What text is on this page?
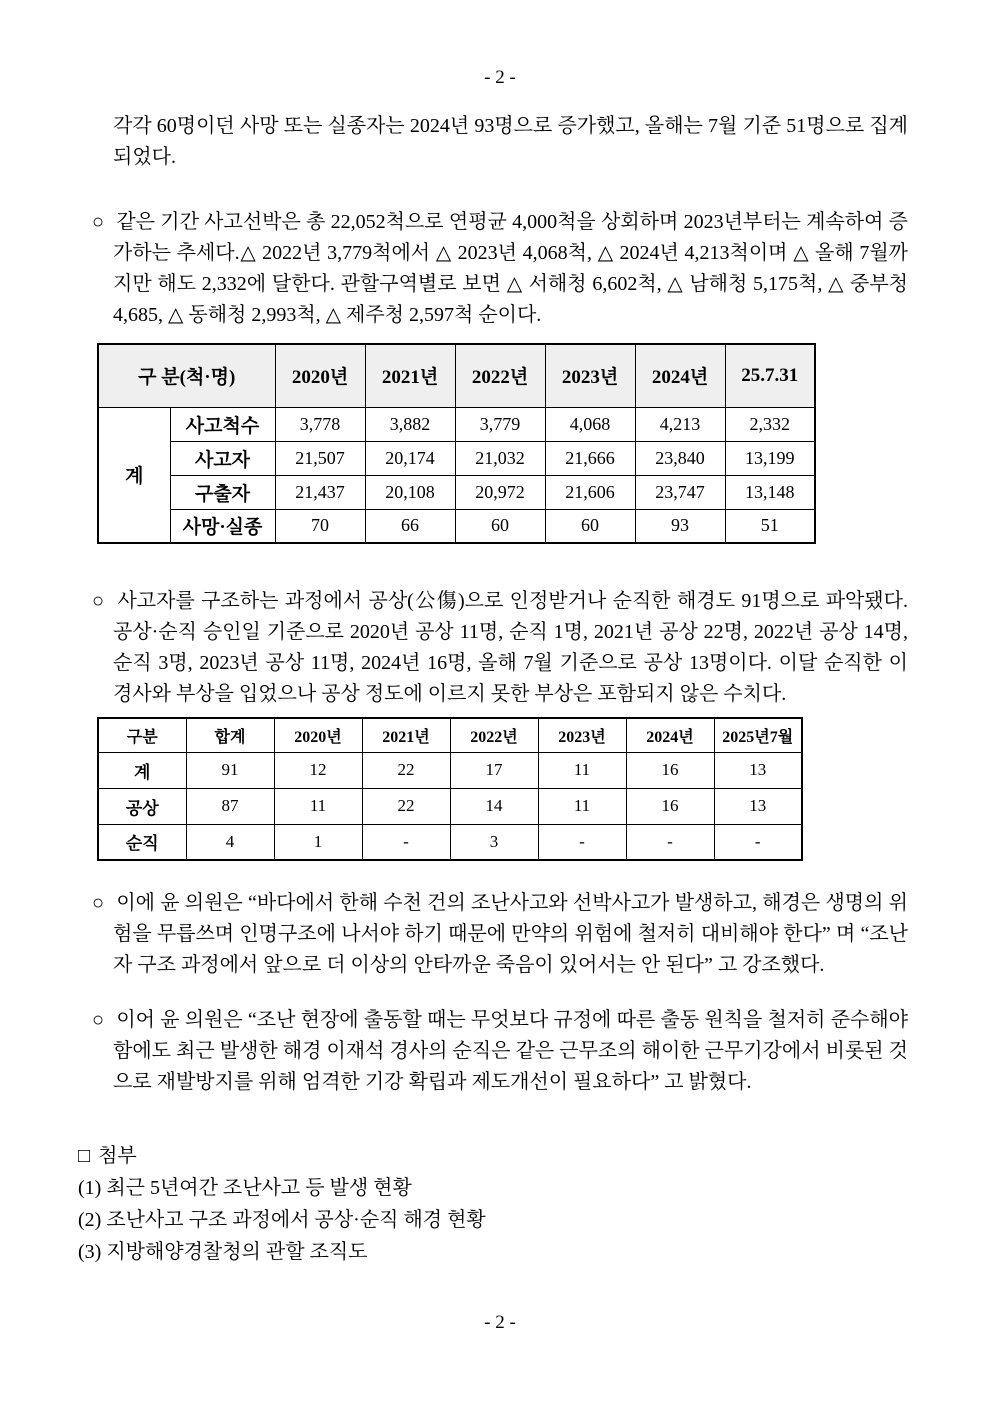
- 2 -

각각 60명이던 사망 또는 실종자는 2024년 93명으로 증가했고, 올해는 7월 기준 51명으로 집계되었다.

○ 같은 기간 사고선박은 총 22,052척으로 연평균 4,000척을 상회하며 2023년부터는 계속하여 증가하는 추세다.△ 2022년 3,779척에서 △ 2023년 4,068척, △ 2024년 4,213척이며 △ 올해 7월까지만 해도 2,332에 달한다. 관할구역별로 보면 △ 서해청 6,602척, △ 남해청 5,175척, △ 중부청 4,685, △ 동해청 2,993척, △ 제주청 2,597척 순이다.

구 분(척·명)		2020년	2021년	2022년	2023년	2024년	25.7.31
계	사고척수	3,778	3,882	3,779	4,068	4,213	2,332
	사고자	21,507	20,174	21,032	21,666	23,840	13,199
	구출자	21,437	20,108	20,972	21,606	23,747	13,148
	사망·실종	70	66	60	60	93	51

○ 사고자를 구조하는 과정에서 공상(公傷)으로 인정받거나 순직한 해경도 91명으로 파악됐다. 공상·순직 승인일 기준으로 2020년 공상 11명, 순직 1명, 2021년 공상 22명, 2022년 공상 14명, 순직 3명, 2023년 공상 11명, 2024년 16명, 올해 7월 기준으로 공상 13명이다. 이달 순직한 이 경사와 부상을 입었으나 공상 정도에 이르지 못한 부상은 포함되지 않은 수치다.

구분	합계	2020년	2021년	2022년	2023년	2024년	2025년7월
계	91	12	22	17	11	16	13
공상	87	11	22	14	11	16	13
순직	4	1	-	3	-	-	-

○ 이에 윤 의원은 “바다에서 한해 수천 건의 조난사고와 선박사고가 발생하고, 해경은 생명의 위험을 무릅쓰며 인명구조에 나서야 하기 때문에 만약의 위험에 철저히 대비해야 한다” 며 “조난자 구조 과정에서 앞으로 더 이상의 안타까운 죽음이 있어서는 안 된다” 고 강조했다.

○ 이어 윤 의원은 “조난 현장에 출동할 때는 무엇보다 규정에 따른 출동 원칙을 철저히 준수해야 함에도 최근 발생한 해경 이재석 경사의 순직은 같은 근무조의 해이한 근무기강에서 비롯된 것으로 재발방지를 위해 엄격한 기강 확립과 제도개선이 필요하다” 고 밝혔다.

□ 첨부

(1) 최근 5년여간 조난사고 등 발생 현황

(2) 조난사고 구조 과정에서 공상·순직 해경 현황

(3) 지방해양경찰청의 관할 조직도

- 2 -
